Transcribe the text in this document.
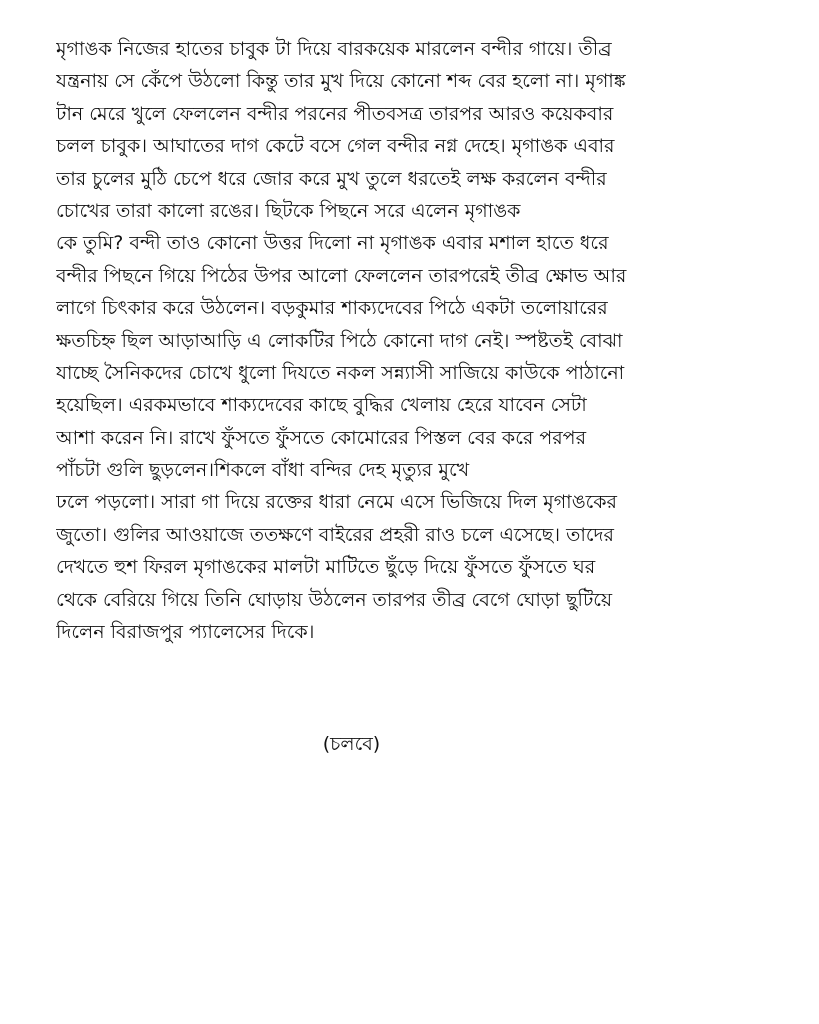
মৃগাঙক নিজের হাতের চাবুক টা দিয়ে বারকয়েক মারলেন বন্দীর গায়ে। তীব্র
যন্ত্রনায় সে কেঁপে উঠলো কিন্তু তার মুখ দিয়ে কোনো শব্দ বের হলো না। মৃগাঙ্ক
টান মেরে খুলে ফেললেন বন্দীর পরনের পীতবসত্র তারপর আরও কয়েকবার
চলল চাবুক। আঘাতের দাগ কেটে বসে গেল বন্দীর নগ্ন দেহে। মৃগাঙক এবার
তার চুলের মুঠি চেপে ধরে জোর করে মুখ তুলে ধরতেই লক্ষ করলেন বন্দীর
চোখের তারা কালো রঙের। ছিটকে পিছনে সরে এলেন মৃগাঙক
কে তুমি? বন্দী তাও কোনো উত্তর দিলো না মৃগাঙক এবার মশাল হাতে ধরে
বন্দীর পিছনে গিয়ে পিঠের উপর আলো ফেললেন তারপরেই তীব্র ক্ষোভ আর
লাগে চিৎকার করে উঠলেন। বড়কুমার শাক্যদেবের পিঠে একটা তলোয়ারের
ক্ষতচিহ্ন ছিল আড়াআড়ি এ লোকটির পিঠে কোনো দাগ নেই। স্পষ্টতই বোঝা
যাচ্ছে সৈনিকদের চোখে ধুলো দিযতে নকল সন্ন্যাসী সাজিয়ে কাউকে পাঠানো
হয়েছিল। এরকমভাবে শাক্যদেবের কাছে বুদ্ধির খেলায় হেরে যাবেন সেটা
আশা করেন নি। রাখে ফুঁসতে ফুঁসতে কোমোরের পিস্তল বের করে পরপর
পাঁচটা গুলি ছুড়লেন।শিকলে বাঁধা বন্দির দেহ মৃত্যুর মুখে
ঢলে পড়লো। সারা গা দিয়ে রক্তের ধারা নেমে এসে ভিজিয়ে দিল মৃগাঙকের
জুতো। গুলির আওয়াজে ততক্ষণে বাইরের প্রহরী রাও চলে এসেছে। তাদের
দেখতে হুশ ফিরল মৃগাঙকের মালটা মাটিতে ছুঁড়ে দিয়ে ফুঁসতে ফুঁসতে ঘর
থেকে বেরিয়ে গিয়ে তিনি ঘোড়ায় উঠলেন তারপর তীব্র বেগে ঘোড়া ছুটিয়ে
দিলেন বিরাজপুর প্যালেসের দিকে।
(চলবে)
